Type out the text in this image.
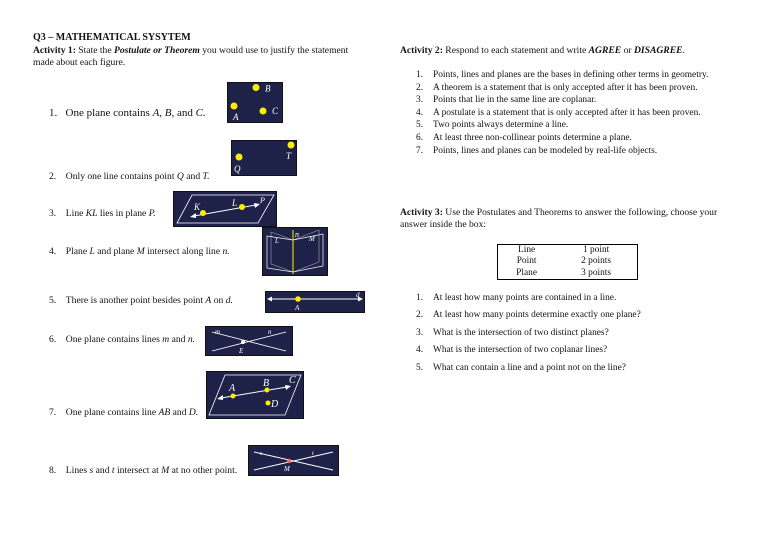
Q3 – MATHEMATICAL SYSYTEM
Activity 1: State the Postulate or Theorem you would use to justify the statement
made about each figure.
1. One plane contains A, B, and C.
2. Only one line contains point Q and T.
3. Line KL lies in plane P.
4. Plane L and plane M intersect along line n.
5. There is another point besides point A on d.
6. One plane contains lines m and n.
7. One plane contains line AB and D.
8. Lines s and t intersect at M at no other point.
B
A
C
T
Q
K	L	P
n
L	M
A
d
m	n
E
A	B C
D
s	t
M
Activity 2: Respond to each statement and write AGREE or DISAGREE.
1.	Points, lines and planes are the bases in defining other terms in geometry.
2.	A theorem is a statement that is only accepted after it has been proven.
3.	Points that lie in the same line are coplanar.
4.	A postulate is a statement that is only accepted after it has been proven.
5.	Two points always determine a line.
6.	At least three non-collinear points determine a plane.
7.	Points, lines and planes can be modeled by real-life objects.
Activity 3: Use the Postulates and Theorems to answer the following, choose your
answer inside the box:
Line	1 point
Point	2 points
Plane	3 points
1.	At least how many points are contained in a line.
2.	At least how many points determine exactly one plane?
3.	What is the intersection of two distinct planes?
4.	What is the intersection of two coplanar lines?
5.	What can contain a line and a point not on the line?
